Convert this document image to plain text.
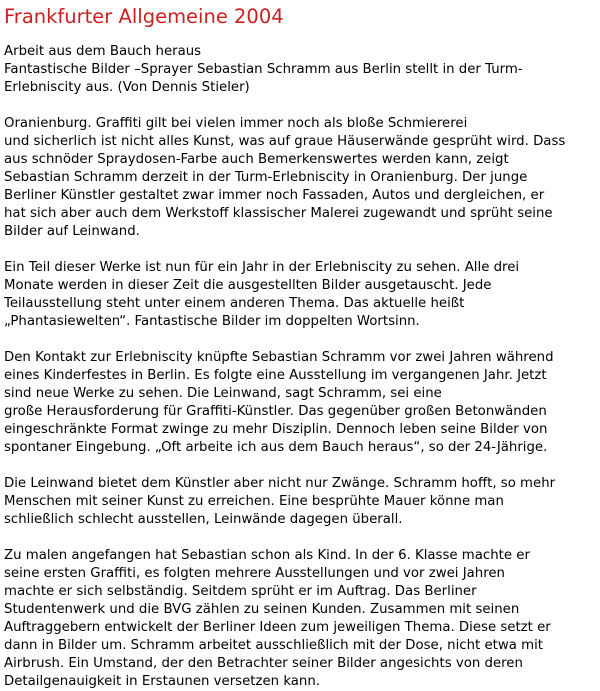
Frankfurter Allgemeine 2004
Arbeit aus dem Bauch heraus
Fantastische Bilder –Sprayer Sebastian Schramm aus Berlin stellt in der Turm-
Erlebniscity aus. (Von Dennis Stieler)
Oranienburg. Graffiti gilt bei vielen immer noch als bloße Schmiererei
und sicherlich ist nicht alles Kunst, was auf graue Häuserwände gesprüht wird. Dass
aus schnöder Spraydosen-Farbe auch Bemerkenswertes werden kann, zeigt
Sebastian Schramm derzeit in der Turm-Erlebniscity in Oranienburg. Der junge
Berliner Künstler gestaltet zwar immer noch Fassaden, Autos und dergleichen, er
hat sich aber auch dem Werkstoff klassischer Malerei zugewandt und sprüht seine
Bilder auf Leinwand.
Ein Teil dieser Werke ist nun für ein Jahr in der Erlebniscity zu sehen. Alle drei
Monate werden in dieser Zeit die ausgestellten Bilder ausgetauscht. Jede
Teilausstellung steht unter einem anderen Thema. Das aktuelle heißt
„Phantasiewelten“. Fantastische Bilder im doppelten Wortsinn.
Den Kontakt zur Erlebniscity knüpfte Sebastian Schramm vor zwei Jahren während
eines Kinderfestes in Berlin. Es folgte eine Ausstellung im vergangenen Jahr. Jetzt
sind neue Werke zu sehen. Die Leinwand, sagt Schramm, sei eine
große Herausforderung für Graffiti-Künstler. Das gegenüber großen Betonwänden
eingeschränkte Format zwinge zu mehr Disziplin. Dennoch leben seine Bilder von
spontaner Eingebung. „Oft arbeite ich aus dem Bauch heraus“, so der 24-Jährige.
Die Leinwand bietet dem Künstler aber nicht nur Zwänge. Schramm hofft, so mehr
Menschen mit seiner Kunst zu erreichen. Eine besprühte Mauer könne man
schließlich schlecht ausstellen, Leinwände dagegen überall.
Zu malen angefangen hat Sebastian schon als Kind. In der 6. Klasse machte er
seine ersten Graffiti, es folgten mehrere Ausstellungen und vor zwei Jahren
machte er sich selbständig. Seitdem sprüht er im Auftrag. Das Berliner
Studentenwerk und die BVG zählen zu seinen Kunden. Zusammen mit seinen
Auftraggebern entwickelt der Berliner Ideen zum jeweiligen Thema. Diese setzt er
dann in Bilder um. Schramm arbeitet ausschließlich mit der Dose, nicht etwa mit
Airbrush. Ein Umstand, der den Betrachter seiner Bilder angesichts von deren
Detailgenauigkeit in Erstaunen versetzen kann.
